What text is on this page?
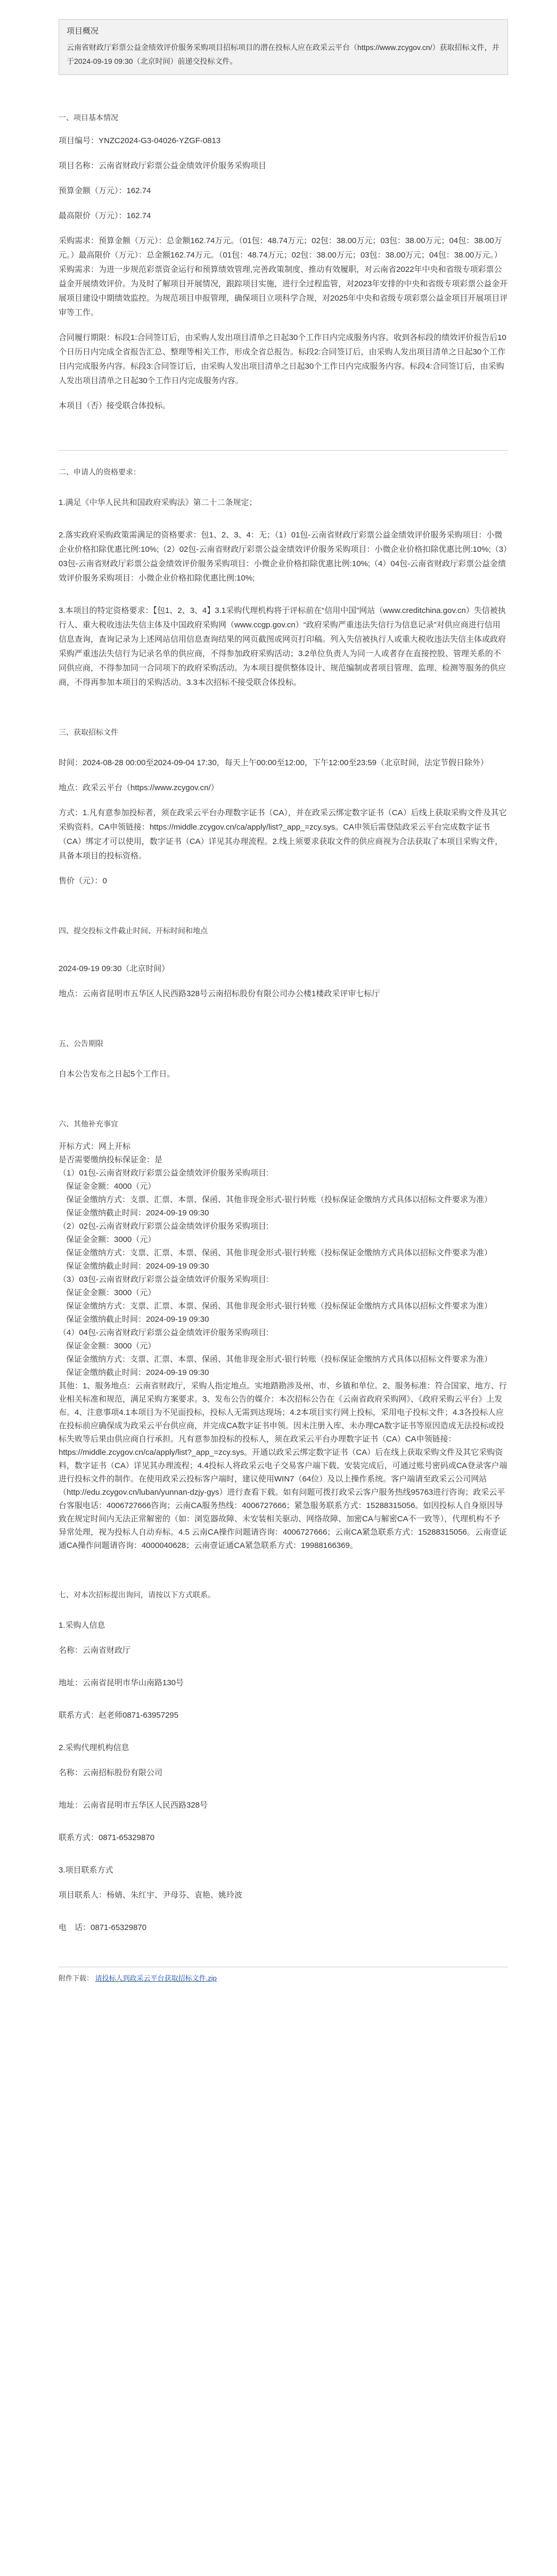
项目概况
云南省财政厅彩票公益金绩效评价服务采购项目招标项目的潜在投标人应在政采云平台（https://www.zcygov.cn/）获取招标文件，并于2024-09-19 09:30（北京时间）前递交投标文件。
一、项目基本情况

项目编号：YNZC2024-G3-04026-YZGF-0813

项目名称：云南省财政厅彩票公益金绩效评价服务采购项目

预算金额（万元）：162.74

最高限价（万元）：162.74

采购需求：预算金额（万元）：总金额162.74万元。（01包：48.74万元；02包：38.00万元；03包：38.00万元；04包：38.00万元。）最高限价（万元）：总金额162.74万元。（01包：48.74万元；02包：38.00万元；03包：38.00万元；04包：38.00万元。）采购需求：为进一步规范彩票资金运行和预算绩效管理,完善政策制度、推动有效履职，对云南省2022年中央和省级专项彩票公益金开展绩效评价。为及时了解项目开展情况，跟踪项目实施，进行全过程监管，对2023年安排的中央和省级专项彩票公益金开展项目建设中期绩效监控。为规范项目申报管理，确保项目立项科学合规，对2025年中央和省级专项彩票公益金项目开展项目评审等工作。

合同履行期限：标段1:合同签订后，由采购人发出项目清单之日起30个工作日内完成服务内容。收到各标段的绩效评价报告后10个日历日内完成全省报告汇总、整理等相关工作，形成全省总报告。标段2:合同签订后，由采购人发出项目清单之日起30个工作日内完成服务内容。标段3:合同签订后，由采购人发出项目清单之日起30个工作日内完成服务内容。标段4:合同签订后，由采购人发出项目清单之日起30个工作日内完成服务内容。

本项目（否）接受联合体投标。

二、申请人的资格要求：

1.满足《中华人民共和国政府采购法》第二十二条规定；

2.落实政府采购政策需满足的资格要求：包1、2、3、4：无；（1）01包-云南省财政厅彩票公益金绩效评价服务采购项目：小微企业价格扣除优惠比例:10%;（2）02包-云南省财政厅彩票公益金绩效评价服务采购项目：小微企业价格扣除优惠比例:10%;（3）03包-云南省财政厅彩票公益金绩效评价服务采购项目：小微企业价格扣除优惠比例:10%;（4）04包-云南省财政厅彩票公益金绩效评价服务采购项目：小微企业价格扣除优惠比例:10%;

3.本项目的特定资格要求：【包1、2、3、4】3.1采购代理机构将于评标前在“信用中国”网站（www.creditchina.gov.cn）失信被执行人、重大税收违法失信主体及中国政府采购网（www.ccgp.gov.cn）“政府采购严重违法失信行为信息记录”对供应商进行信用信息查询，查询记录为上述网站信用信息查询结果的网页截图或网页打印稿。列入失信被执行人或重大税收违法失信主体或政府采购严重违法失信行为记录名单的供应商，不得参加政府采购活动；3.2单位负责人为同一人或者存在直接控股、管理关系的不同供应商，不得参加同一合同项下的政府采购活动。为本项目提供整体设计、规范编制或者项目管理、监理、检测等服务的供应商，不得再参加本项目的采购活动。3.3本次招标不接受联合体投标。

三、获取招标文件

时间：2024-08-28 00:00至2024-09-04 17:30，每天上午00:00至12:00，下午12:00至23:59（北京时间，法定节假日除外）

地点：政采云平台（https://www.zcygov.cn/）

方式：1.凡有意参加投标者，须在政采云平台办理数字证书（CA），并在政采云绑定数字证书（CA）后线上获取采购文件及其它采购资料。CA申领链接：https://middle.zcygov.cn/ca/apply/list?_app_=zcy.sys。CA申领后需登陆政采云平台完成数字证书（CA）绑定才可以使用，数字证书（CA）详见其办理流程。2.线上须要求获取文件的供应商视为合法获取了本项目采购文件，具备本项目的投标资格。

售价（元）：0

四、提交投标文件截止时间、开标时间和地点

2024-09-19 09:30（北京时间）

地点：云南省昆明市五华区人民西路328号云南招标股份有限公司办公楼1楼政采评审七标厅

五、公告期限

自本公告发布之日起5个工作日。

六、其他补充事宜

开标方式：网上开标

是否需要缴纳投标保证金：是

（1）01包-云南省财政厅彩票公益金绩效评价服务采购项目:

保证金金额：4000（元）

保证金缴纳方式：支票、汇票、本票、保函、其他非现金形式-银行转账（投标保证金缴纳方式具体以招标文件要求为准）

保证金缴纳截止时间：2024-09-19 09:30

（2）02包-云南省财政厅彩票公益金绩效评价服务采购项目:

保证金金额：3000（元）

保证金缴纳方式：支票、汇票、本票、保函、其他非现金形式-银行转账（投标保证金缴纳方式具体以招标文件要求为准）

保证金缴纳截止时间：2024-09-19 09:30

（3）03包-云南省财政厅彩票公益金绩效评价服务采购项目:

保证金金额：3000（元）

保证金缴纳方式：支票、汇票、本票、保函、其他非现金形式-银行转账（投标保证金缴纳方式具体以招标文件要求为准）

保证金缴纳截止时间：2024-09-19 09:30

（4）04包-云南省财政厅彩票公益金绩效评价服务采购项目:

保证金金额：3000（元）

保证金缴纳方式：支票、汇票、本票、保函、其他非现金形式-银行转账（投标保证金缴纳方式具体以招标文件要求为准）

保证金缴纳截止时间：2024-09-19 09:30

其他：1、服务地点：云南省财政厅，采购人指定地点。实地踏勘涉及州、市、乡镇和单位。2、服务标准：符合国家、地方、行业相关标准和规范，满足采购方案要求。3、发布公告的媒介：本次招标公告在《云南省政府采购网》、《政府采购云平台》上发布。4、注意事项4.1本项目为不见面投标，投标人无需到达现场；4.2本项目实行网上投标，采用电子投标文件；4.3各投标人应在投标前应确保成为政采云平台供应商，并完成CA数字证书申领。因未注册入库、未办理CA数字证书等原因造成无法投标或投标失败等后果由供应商自行承担。凡有意参加投标的投标人，须在政采云平台办理数字证书（CA）CA申领链接：https://middle.zcygov.cn/ca/apply/list?_app_=zcy.sys。开通以政采云绑定数字证书（CA）后在线上获取采购文件及其它采购资料，数字证书（CA）详见其办理流程；4.4投标人将政采云电子交易客户端下载、安装完成后，可通过账号密码或CA登录客户端进行投标文件的制作。在使用政采云投标客户端时，建议使用WIN7（64位）及以上操作系统。客户端请至政采云公司网站（http://edu.zcygov.cn/luban/yunnan-dzjy-gys）进行查看下载。如有问题可拨打政采云客户服务热线95763进行咨询；政采云平台客服电话：4006727666咨询；云南CA服务热线：4006727666；紧急服务联系方式：15288315056。如因投标人自身原因导致在规定时间内无法正常解密的（如：浏览器故障、未安装相关驱动、网络故障、加密CA与解密CA不一致等），代理机构不予异常处理，视为投标人自动弃标。4.5 云南CA操作问题请咨询：4006727666；云南CA紧急联系方式：15288315056。云南壹证通CA操作问题请咨询：4000040628；云南壹证通CA紧急联系方式：19988166369。

七、对本次招标提出询问，请按以下方式联系。

1.采购人信息

名称：云南省财政厅

地址：云南省昆明市华山南路130号

联系方式：赵老师0871-63957295

2.采购代理机构信息

名称：云南招标股份有限公司

地址：云南省昆明市五华区人民西路328号

联系方式：0871-65329870

3.项目联系方式

项目联系人：杨婧、朱红宇、尹母芬、袁艳、姚玲波

电　话：0871-65329870

附件下载： 请投标人到政采云平台获取招标文件.zip
